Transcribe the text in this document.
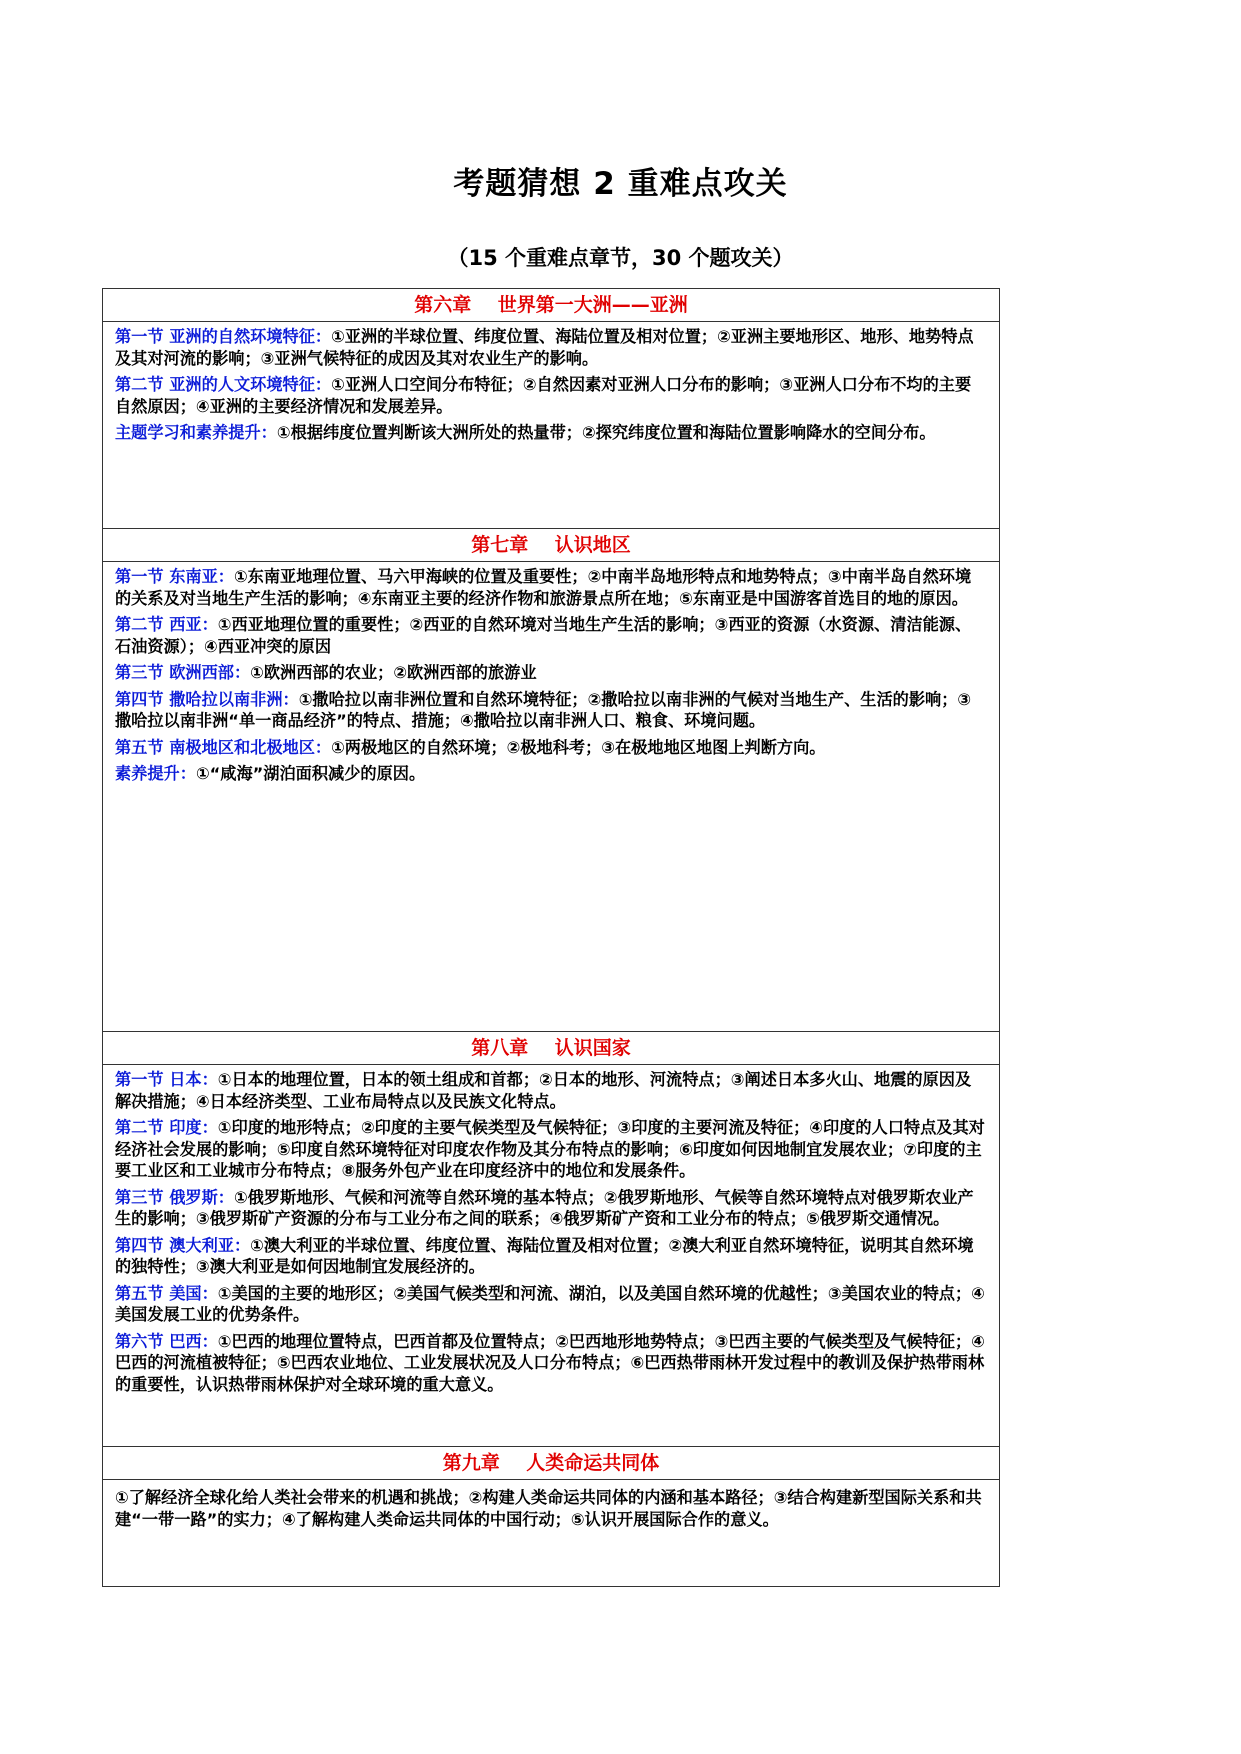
考题猜想 2 重难点攻关
（15 个重难点章节，30 个题攻关）
第六章    世界第一大洲——亚洲
第一节 亚洲的自然环境特征：①亚洲的半球位置、纬度位置、海陆位置及相对位置；②亚洲主要地形区、地形、地势特点及其对河流的影响；③亚洲气候特征的成因及其对农业生产的影响。
第二节 亚洲的人文环境特征：①亚洲人口空间分布特征；②自然因素对亚洲人口分布的影响；③亚洲人口分布不均的主要自然原因；④亚洲的主要经济情况和发展差异。
主题学习和素养提升：①根据纬度位置判断该大洲所处的热量带；②探究纬度位置和海陆位置影响降水的空间分布。
第七章    认识地区
第一节 东南亚：①东南亚地理位置、马六甲海峡的位置及重要性；②中南半岛地形特点和地势特点；③中南半岛自然环境的关系及对当地生产生活的影响；④东南亚主要的经济作物和旅游景点所在地；⑤东南亚是中国游客首选目的地的原因。
第二节 西亚：①西亚地理位置的重要性；②西亚的自然环境对当地生产生活的影响；③西亚的资源（水资源、清洁能源、石油资源）；④西亚冲突的原因
第三节 欧洲西部：①欧洲西部的农业；②欧洲西部的旅游业
第四节 撒哈拉以南非洲：①撒哈拉以南非洲位置和自然环境特征；②撒哈拉以南非洲的气候对当地生产、生活的影响；③撒哈拉以南非洲“单一商品经济”的特点、措施；④撒哈拉以南非洲人口、粮食、环境问题。
第五节 南极地区和北极地区：①两极地区的自然环境；②极地科考；③在极地地区地图上判断方向。
素养提升：①“咸海”湖泊面积减少的原因。
第八章    认识国家
第一节 日本：①日本的地理位置，日本的领土组成和首都；②日本的地形、河流特点；③阐述日本多火山、地震的原因及解决措施；④日本经济类型、工业布局特点以及民族文化特点。
第二节 印度：①印度的地形特点；②印度的主要气候类型及气候特征；③印度的主要河流及特征；④印度的人口特点及其对经济社会发展的影响；⑤印度自然环境特征对印度农作物及其分布特点的影响；⑥印度如何因地制宜发展农业；⑦印度的主要工业区和工业城市分布特点；⑧服务外包产业在印度经济中的地位和发展条件。
第三节 俄罗斯：①俄罗斯地形、气候和河流等自然环境的基本特点；②俄罗斯地形、气候等自然环境特点对俄罗斯农业产生的影响；③俄罗斯矿产资源的分布与工业分布之间的联系；④俄罗斯矿产资和工业分布的特点；⑤俄罗斯交通情况。
第四节 澳大利亚：①澳大利亚的半球位置、纬度位置、海陆位置及相对位置；②澳大利亚自然环境特征，说明其自然环境的独特性；③澳大利亚是如何因地制宜发展经济的。
第五节 美国：①美国的主要的地形区；②美国气候类型和河流、湖泊，以及美国自然环境的优越性；③美国农业的特点；④美国发展工业的优势条件。
第六节 巴西：①巴西的地理位置特点，巴西首都及位置特点；②巴西地形地势特点；③巴西主要的气候类型及气候特征；④巴西的河流植被特征；⑤巴西农业地位、工业发展状况及人口分布特点；⑥巴西热带雨林开发过程中的教训及保护热带雨林的重要性，认识热带雨林保护对全球环境的重大意义。
第九章    人类命运共同体
①了解经济全球化给人类社会带来的机遇和挑战；②构建人类命运共同体的内涵和基本路径；③结合构建新型国际关系和共建“一带一路”的实力；④了解构建人类命运共同体的中国行动；⑤认识开展国际合作的意义。
